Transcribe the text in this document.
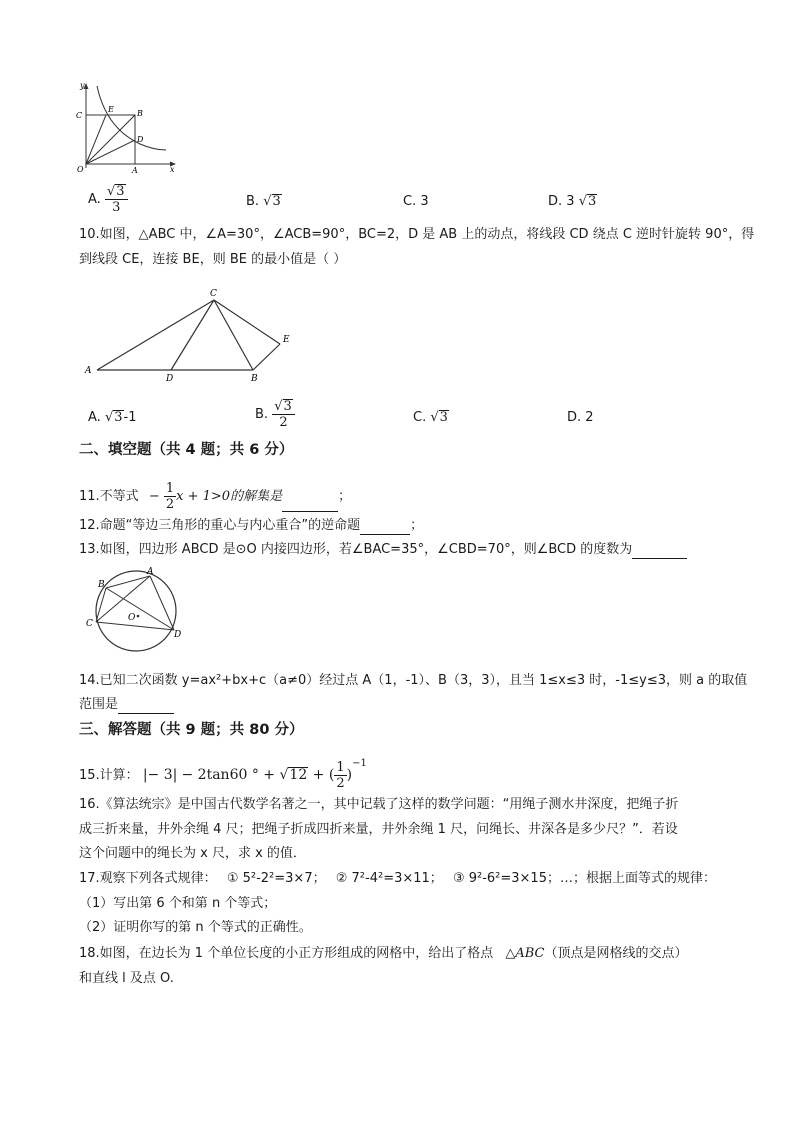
y
x
C
E	B
D
O	A
A. $\frac{√3}{3}$	B. √3	C. 3	D. 3 √3
10.如图，△ABC 中，∠A=30°，∠ACB=90°，BC=2，D 是 AB 上的动点，将线段 CD 绕点 C 逆时针旋转 90°，得
到线段 CE，连接 BE，则 BE 的最小值是（ ）
C
E
A
D	B
A. √3-1	B. $\frac{√3}{2}$	C. √3	D. 2
二、填空题（共 4 题；共 6 分）
11.不等式 − $\frac{1}{2}$ x + 1>0的解集是	；
12.命题“等边三角形的重心与内心重合”的逆命题	；
13.如图，四边形 ABCD 是⊙O 内接四边形，若∠BAC=35°，∠CBD=70°，则∠BCD 的度数为
B
A
O
C
D
14.已知二次函数 y=ax²+bx+c（a≠0）经过点 A（1，-1）、B（3，3），且当 1≤x≤3 时，-1≤y≤3，则 a 的取值
范围是
三、解答题（共 9 题；共 80 分）
15.计算： |− 3| − 2tan60 ° + √12 + ( $\frac{1}{2} )^{-1}$
16.《算法统宗》是中国古代数学名著之一，其中记载了这样的数学问题：“用绳子测水井深度，把绳子折
成三折来量，井外余绳 4 尺；把绳子折成四折来量，井外余绳 1 尺，问绳长、井深各是多少尺？”．若设
这个问题中的绳长为 x 尺，求 x 的值．
17.观察下列各式规律： ① 5²-2²=3×7； ② 7²-4²=3×11； ③ 9²-6²=3×15；…；根据上面等式的规律：
（1）写出第 6 个和第 n 个等式；
（2）证明你写的第 n 个等式的正确性。
18.如图，在边长为 1 个单位长度的小正方形组成的网格中，给出了格点 △ABC（顶点是网格线的交点）
和直线 l 及点 O.
